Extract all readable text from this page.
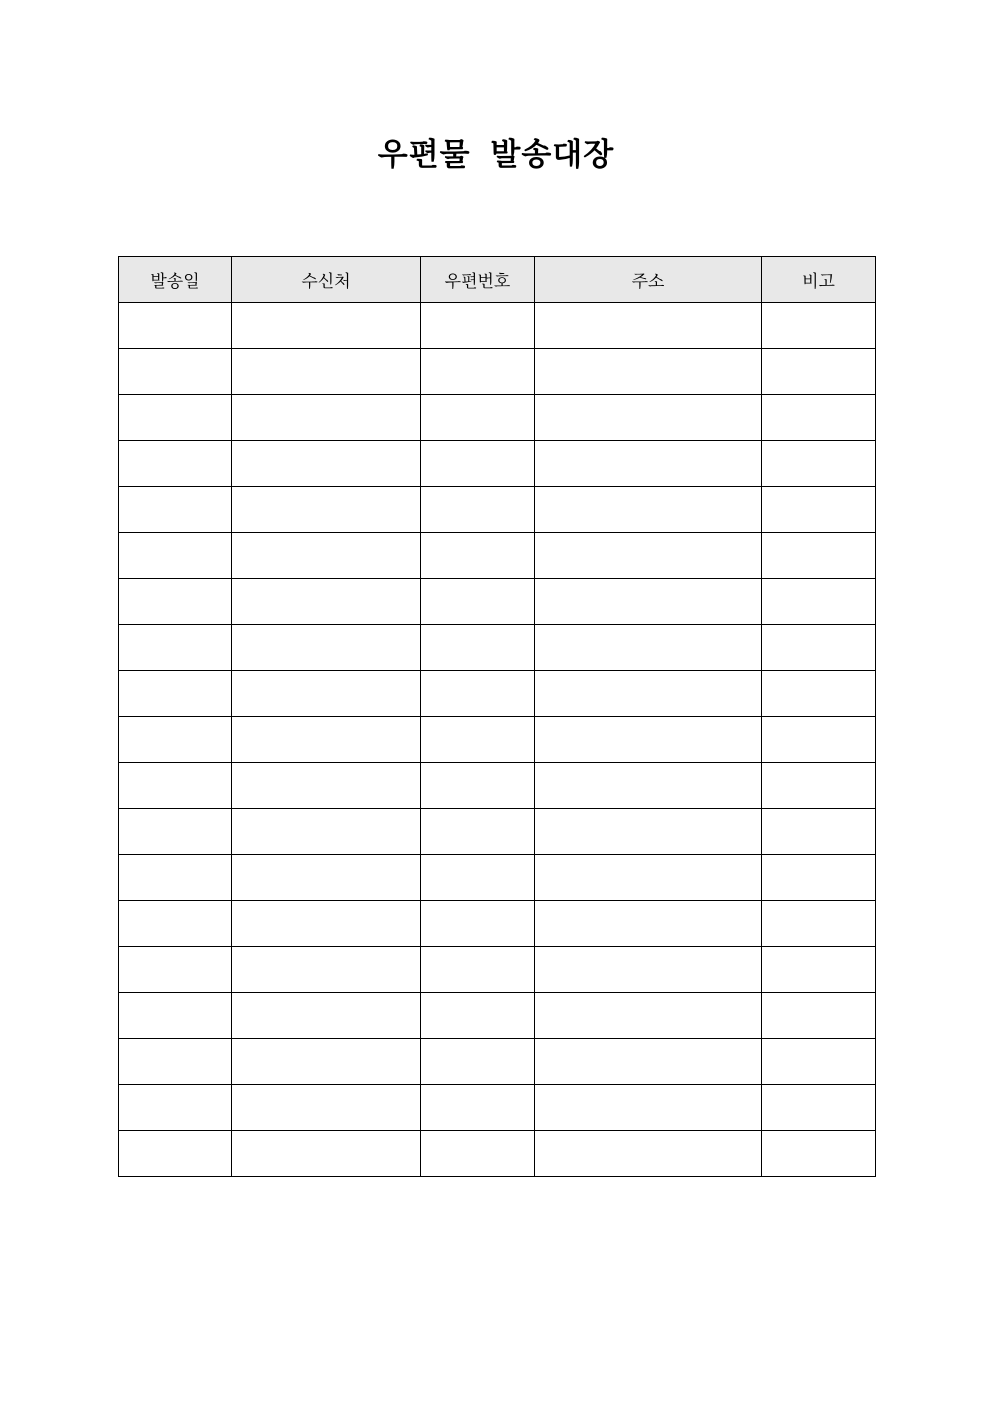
우편물 발송대장
발송일	수신처	우편번호	주소	비고
